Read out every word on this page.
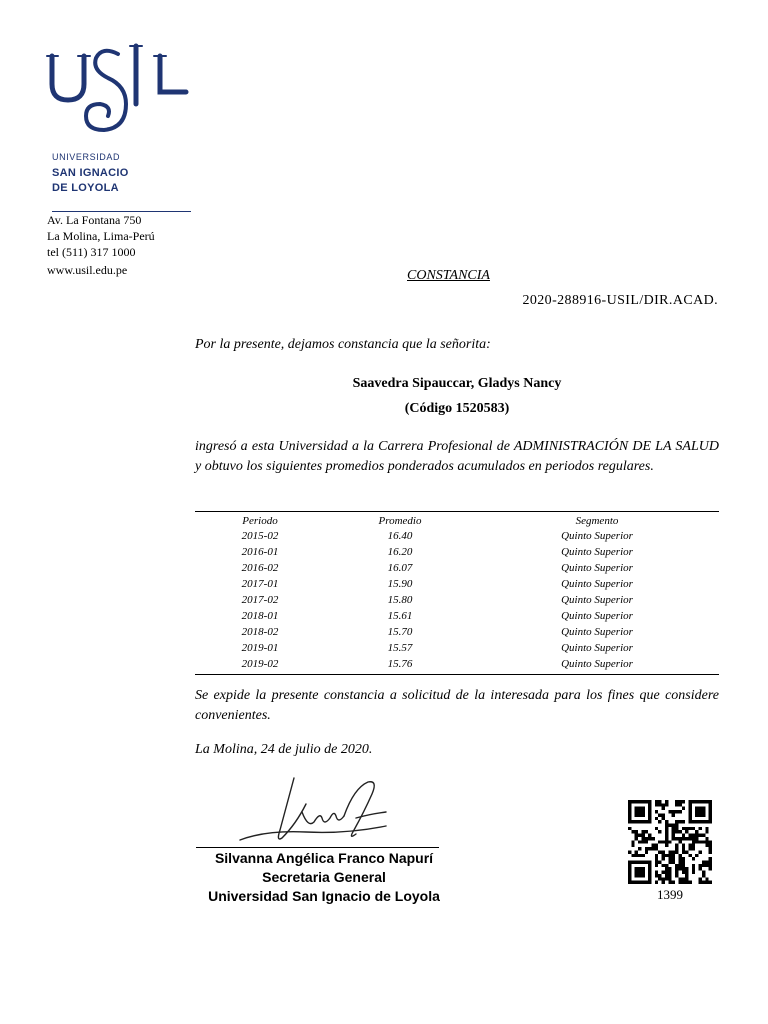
UNIVERSIDAD
SAN IGNACIO
DE LOYOLA
Av. La Fontana 750
La Molina, Lima-Perú
tel (511) 317 1000
www.usil.edu.pe	CONSTANCIA
2020-288916-USIL/DIR.ACAD.
Por la presente, dejamos constancia que la señorita:
Saavedra Sipauccar, Gladys Nancy
(Código 1520583)
ingresó a esta Universidad a la Carrera Profesional de ADMINISTRACIÓN DE LA SALUD y obtuvo los siguientes promedios ponderados acumulados en periodos regulares.
Periodo	Promedio	Segmento
2015-02	16.40	Quinto Superior
2016-01	16.20	Quinto Superior
2016-02	16.07	Quinto Superior
2017-01	15.90	Quinto Superior
2017-02	15.80	Quinto Superior
2018-01	15.61	Quinto Superior
2018-02	15.70	Quinto Superior
2019-01	15.57	Quinto Superior
2019-02	15.76	Quinto Superior
Se expide la presente constancia a solicitud de la interesada para los fines que considere convenientes.
La Molina, 24 de julio de 2020.
Silvanna Angélica Franco Napurí
Secretaria General
Universidad San Ignacio de Loyola	1399
